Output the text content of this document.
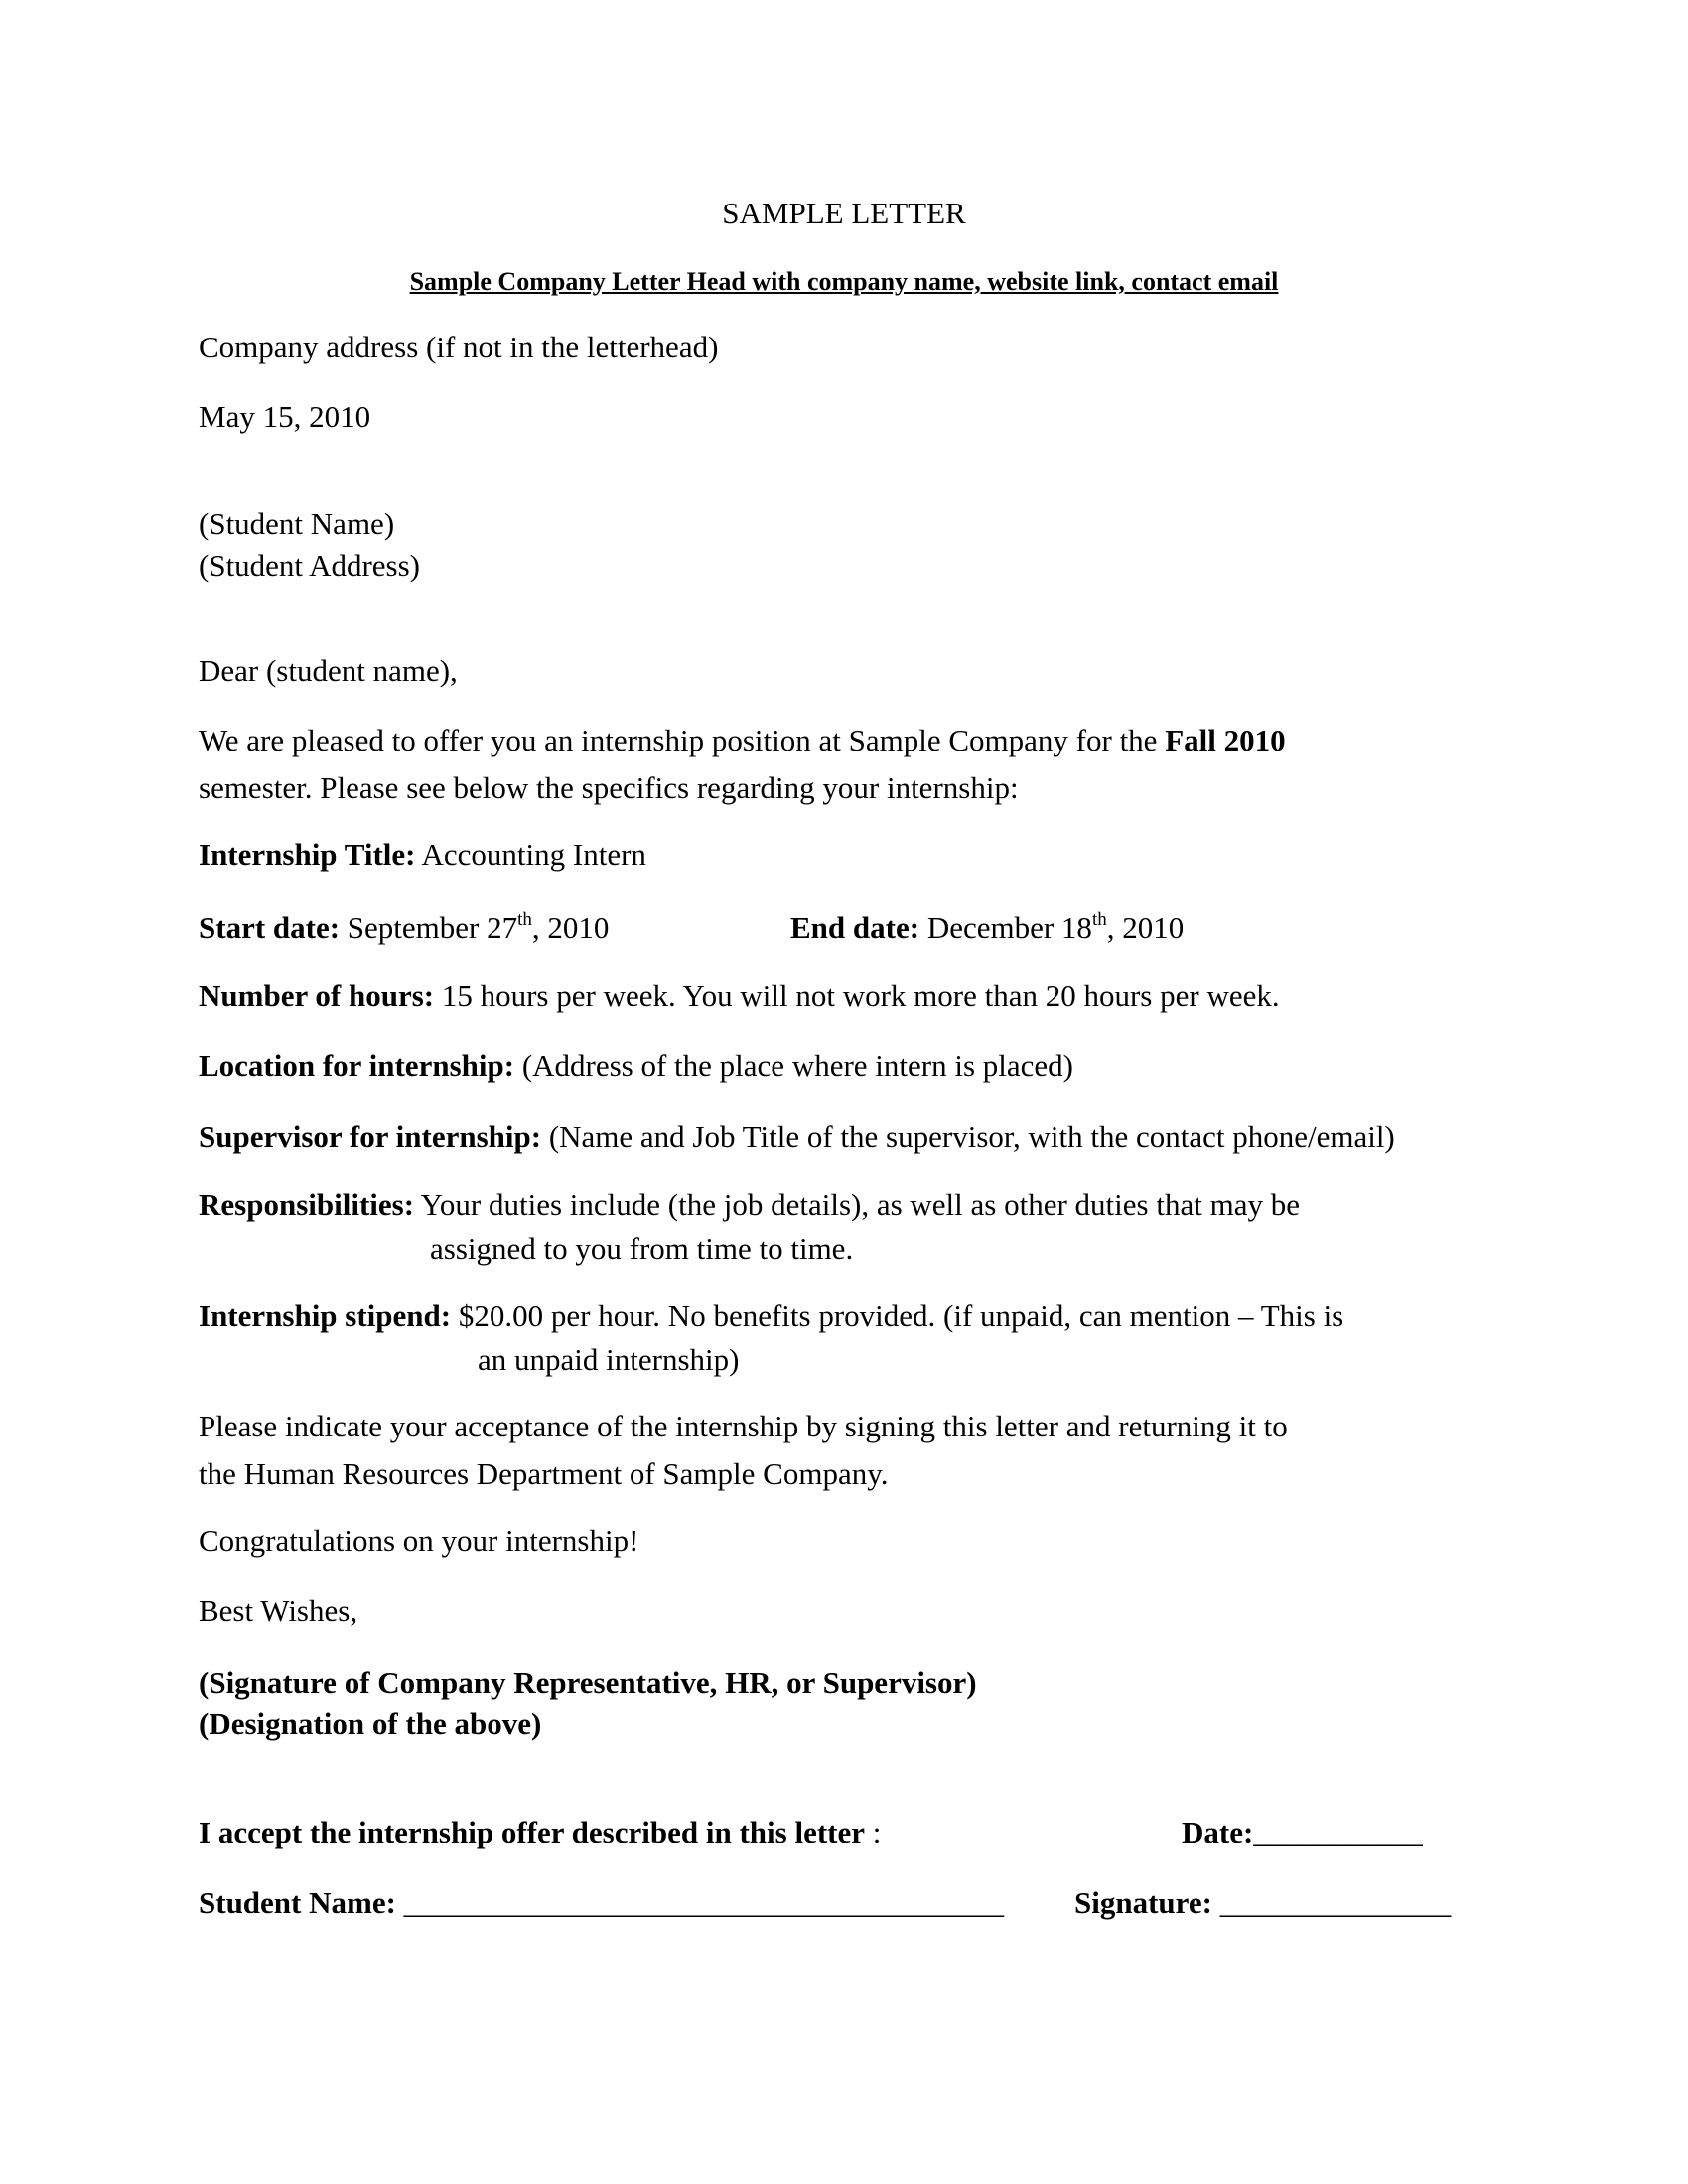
SAMPLE LETTER
Sample Company Letter Head with company name, website link, contact email
Company address (if not in the letterhead)
May 15, 2010
(Student Name)
(Student Address)
Dear (student name),
We are pleased to offer you an internship position at Sample Company for the Fall 2010
semester. Please see below the specifics regarding your internship:
Internship Title: Accounting Intern
Start date: September 27th, 2010	End date: December 18th, 2010
Number of hours: 15 hours per week. You will not work more than 20 hours per week.
Location for internship: (Address of the place where intern is placed)
Supervisor for internship: (Name and Job Title of the supervisor, with the contact phone/email)
Responsibilities: Your duties include (the job details), as well as other duties that may be
assigned to you from time to time.
Internship stipend: $20.00 per hour. No benefits provided. (if unpaid, can mention – This is
an unpaid internship)
Please indicate your acceptance of the internship by signing this letter and returning it to
the Human Resources Department of Sample Company.
Congratulations on your internship!
Best Wishes,
(Signature of Company Representative, HR, or Supervisor)
(Designation of the above)
I accept the internship offer described in this letter :	Date:___________
Student Name: _______________________________________ Signature: _______________
